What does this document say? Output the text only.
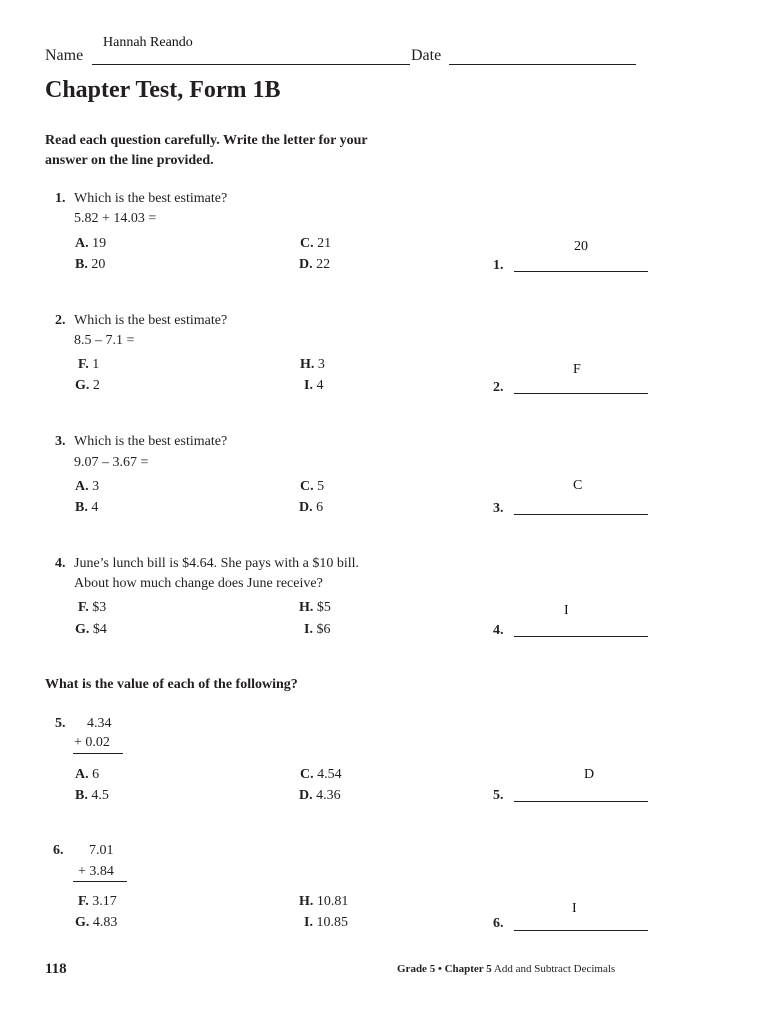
Hannah Reando
Name	Date
Chapter Test, Form 1B
Read each question carefully. Write the letter for your
answer on the line provided.
1. Which is the best estimate?
5.82 + 14.03 =
A. 19	C. 21
B. 20	D. 22
20
1.
2. Which is the best estimate?
8.5 – 7.1 =
F. 1	H. 3
G. 2	I. 4
F
2.
3. Which is the best estimate?
9.07 – 3.67 =
A. 3	C. 5
B. 4	D. 6
C
3.
4. June’s lunch bill is $4.64. She pays with a $10 bill.
About how much change does June receive?
F. $3	H. $5
G. $4	I. $6
I
4.
What is the value of each of the following?
5. 4.34
+ 0.02
A. 6	C. 4.54
B. 4.5	D. 4.36
D
5.
6. 7.01
+ 3.84
F. 3.17	H. 10.81
G. 4.83	I. 10.85
I
6.
118	Grade 5 • Chapter 5 Add and Subtract Decimals
